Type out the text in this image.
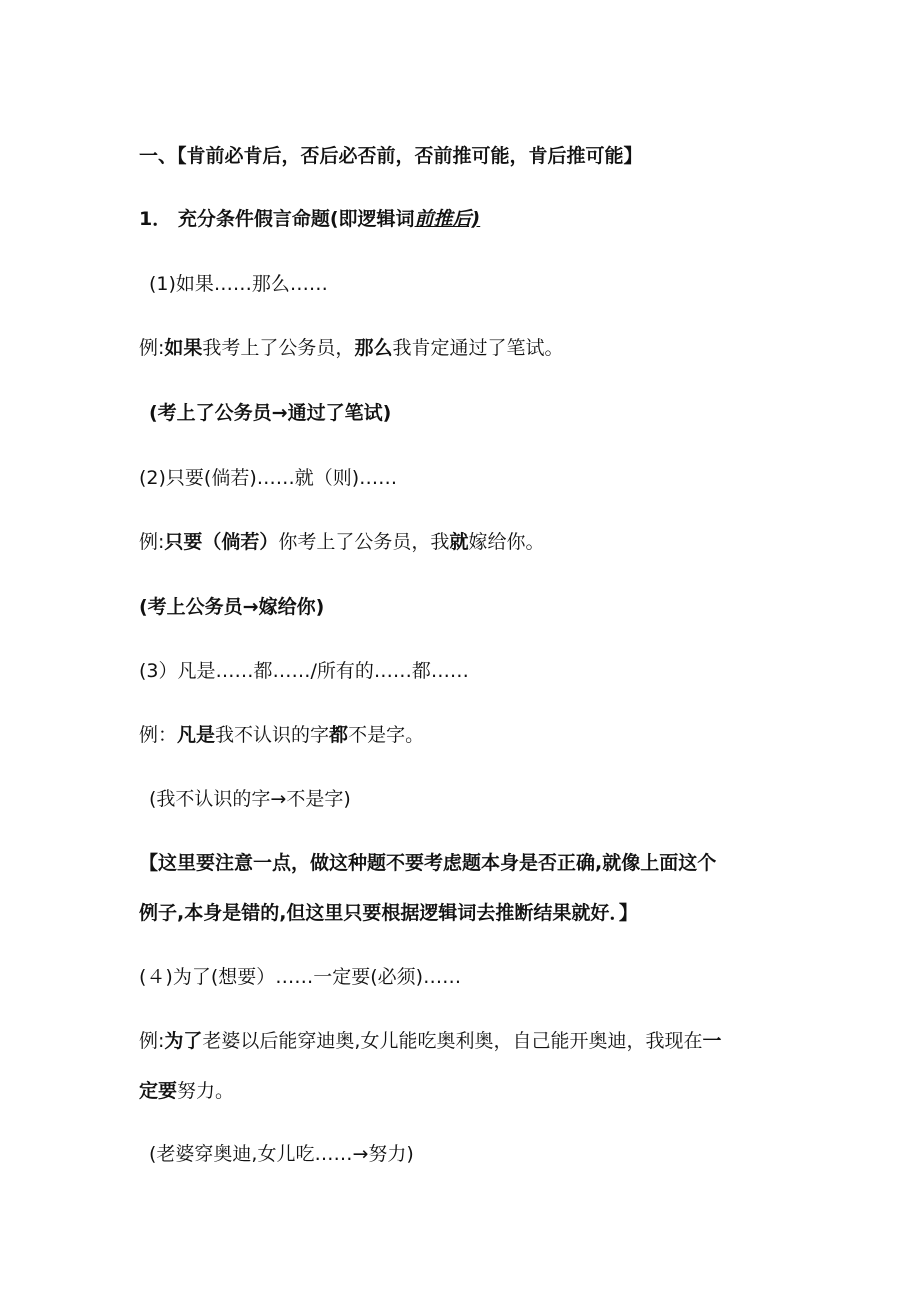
一、【肯前必肯后，否后必否前，否前推可能，肯后推可能】
1． 充分条件假言命题(即逻辑词前推后)
(1)如果……那么……
例:如果我考上了公务员，那么我肯定通过了笔试。
(考上了公务员→通过了笔试)
(2)只要(倘若)……就（则)……
例:只要（倘若）你考上了公务员，我就嫁给你。
(考上公务员→嫁给你)
(3）凡是……都……/所有的……都……
例：凡是我不认识的字都不是字。
(我不认识的字→不是字)
【这里要注意一点，做这种题不要考虑题本身是否正确,就像上面这个
例子,本身是错的,但这里只要根据逻辑词去推断结果就好．】
(４)为了(想要）……一定要(必须)……
例:为了老婆以后能穿迪奥,女儿能吃奥利奥，自己能开奥迪，我现在一
定要努力。
(老婆穿奥迪,女儿吃……→努力)
